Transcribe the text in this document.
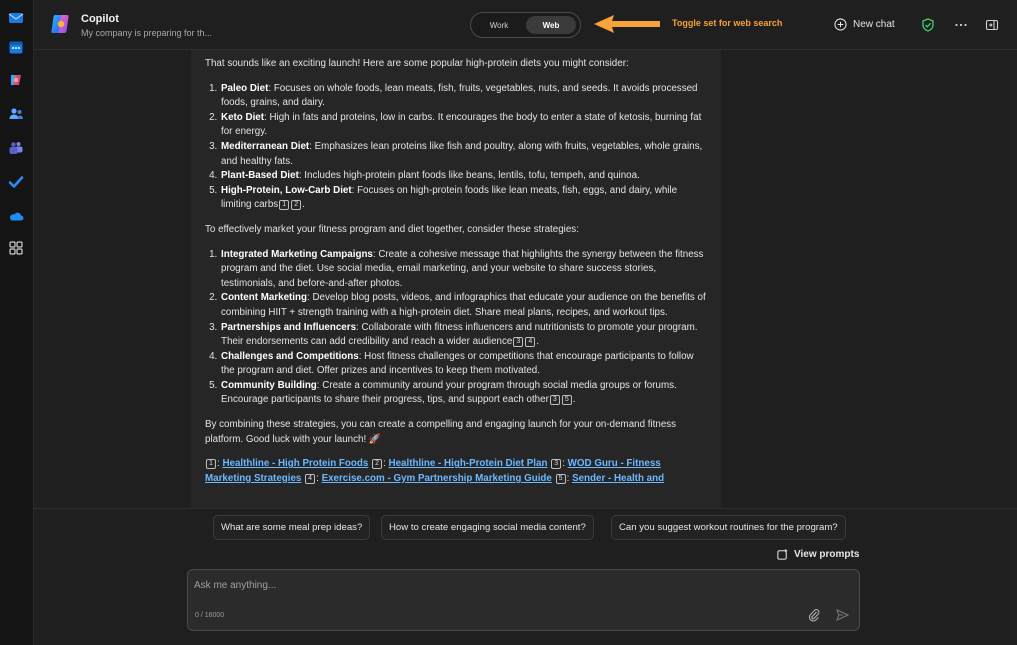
Copilot
My company is preparing for th...
Work	Web	Toggle set for web search	New chat

That sounds like an exciting launch! Here are some popular high-protein diets you might consider:

1. Paleo Diet: Focuses on whole foods, lean meats, fish, fruits, vegetables, nuts, and seeds. It avoids processed foods, grains, and dairy.
2. Keto Diet: High in fats and proteins, low in carbs. It encourages the body to enter a state of ketosis, burning fat for energy.
3. Mediterranean Diet: Emphasizes lean proteins like fish and poultry, along with fruits, vegetables, whole grains, and healthy fats.
4. Plant-Based Diet: Includes high-protein plant foods like beans, lentils, tofu, tempeh, and quinoa.
5. High-Protein, Low-Carb Diet: Focuses on high-protein foods like lean meats, fish, eggs, and dairy, while limiting carbs 1 2 .

To effectively market your fitness program and diet together, consider these strategies:

1. Integrated Marketing Campaigns: Create a cohesive message that highlights the synergy between the fitness program and the diet. Use social media, email marketing, and your website to share success stories, testimonials, and before-and-after photos.
2. Content Marketing: Develop blog posts, videos, and infographics that educate your audience on the benefits of combining HIIT + strength training with a high-protein diet. Share meal plans, recipes, and workout tips.
3. Partnerships and Influencers: Collaborate with fitness influencers and nutritionists to promote your program. Their endorsements can add credibility and reach a wider audience 3 4 .
4. Challenges and Competitions: Host fitness challenges or competitions that encourage participants to follow the program and diet. Offer prizes and incentives to keep them motivated.
5. Community Building: Create a community around your program through social media groups or forums. Encourage participants to share their progress, tips, and support each other 3 5 .

By combining these strategies, you can create a compelling and engaging launch for your on-demand fitness platform. Good luck with your launch! 🚀

1 : Healthline - High Protein Foods 2 : Healthline - High-Protein Diet Plan 3 : WOD Guru - Fitness Marketing Strategies 4 : Exercise.com - Gym Partnership Marketing Guide 5 : Sender - Health and
What are some meal prep ideas?	How to create engaging social media content?	Can you suggest workout routines for the program?
View prompts
Ask me anything...
0 / 16000
